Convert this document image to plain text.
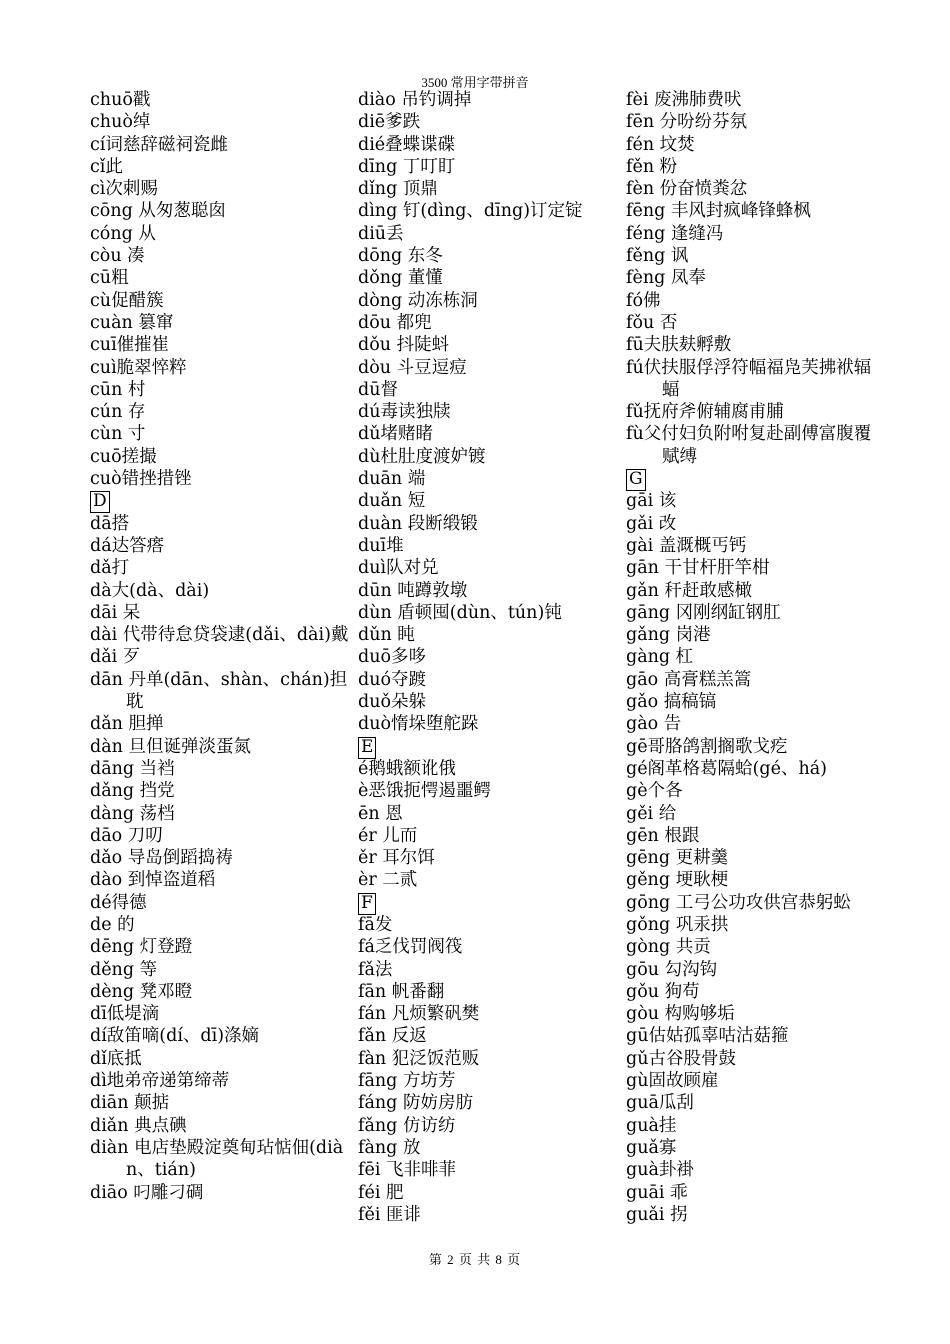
3500 常用字带拼音
chuō戳
chuò绰
cí词慈辞磁祠瓷雌
cǐ此
cì次刺赐
cōng 从匆葱聪囱
cóng 从
còu 凑
cū粗
cù促醋簇
cuàn 篡窜
cuī催摧崔
cuì脆翠悴粹
cūn 村
cún 存
cùn 寸
cuō搓撮
cuò错挫措锉
D
dā搭
dá达答瘩
dǎ打
dà大(dà、dài)
dāi 呆
dài 代带待怠贷袋逮(dǎi、dài)戴
dǎi 歹
dān 丹单(dān、shàn、chán)担耽
dǎn 胆掸
dàn 旦但诞弹淡蛋氮
dāng 当裆
dǎng 挡党
dàng 荡档
dāo 刀叨
dǎo 导岛倒蹈捣祷
dào 到悼盗道稻
dé得德
de 的
dēng 灯登蹬
děng 等
dèng 凳邓瞪
dī低堤滴
dí敌笛嘀(dí、dī)涤嫡
dǐ底抵
dì地弟帝递第缔蒂
diān 颠掂
diǎn 典点碘
diàn 电店垫殿淀奠甸玷惦佃(diàn、tián)
diāo 叼雕刁碉
diào 吊钓调掉
diē爹跌
dié叠蝶谍碟
dīng 丁叮盯
dǐng 顶鼎
dìng 钉(dìng、dīng)订定锭
diū丢
dōng 东冬
dǒng 董懂
dòng 动冻栋洞
dōu 都兜
dǒu 抖陡蚪
dòu 斗豆逗痘
dū督
dú毒读独牍
dǔ堵赌睹
dù杜肚度渡妒镀
duān 端
duǎn 短
duàn 段断缎锻
duī堆
duì队对兑
dūn 吨蹲敦墩
dùn 盾顿囤(dùn、tún)钝
dǔn 盹
duō多哆
duó夺踱
duǒ朵躲
duò惰垛堕舵跺
E
é鹅蛾额讹俄
è恶饿扼愕遏噩鳄
ēn 恩
ér 儿而
ěr 耳尔饵
èr 二贰
F
fā发
fá乏伐罚阀筏
fǎ法
fān 帆番翻
fán 凡烦繁矾樊
fǎn 反返
fàn 犯泛饭范贩
fāng 方坊芳
fáng 防妨房肪
fǎng 仿访纺
fàng 放
fēi 飞非啡菲
féi 肥
fěi 匪诽
fèi 废沸肺费吠
fēn 分吩纷芬氛
fén 坟焚
fěn 粉
fèn 份奋愤粪忿
fēng 丰风封疯峰锋蜂枫
féng 逢缝冯
fěng 讽
fèng 凤奉
fó佛
fǒu 否
fū夫肤麸孵敷
fú伏扶服俘浮符幅福凫芙拂袱辐蝠
fǔ抚府斧俯辅腐甫脯
fù父付妇负附咐复赴副傅富腹覆赋缚
G
gāi 该
gǎi 改
gài 盖溉概丐钙
gān 干甘杆肝竿柑
gǎn 秆赶敢感橄
gāng 冈刚纲缸钢肛
gǎng 岗港
gàng 杠
gāo 高膏糕羔篙
gǎo 搞稿镐
gào 告
gē哥胳鸽割搁歌戈疙
gé阁革格葛隔蛤(gé、há)
gè个各
gěi 给
gēn 根跟
gēng 更耕羹
gěng 埂耿梗
gōng 工弓公功攻供宫恭躬蚣
gǒng 巩汞拱
gòng 共贡
gōu 勾沟钩
gǒu 狗苟
gòu 构购够垢
gū估姑孤辜咕沽菇箍
gǔ古谷股骨鼓
gù固故顾雇
guā瓜刮
guà挂
guǎ寡
guà卦褂
guāi 乖
guǎi 拐
第 2 页 共 8 页
